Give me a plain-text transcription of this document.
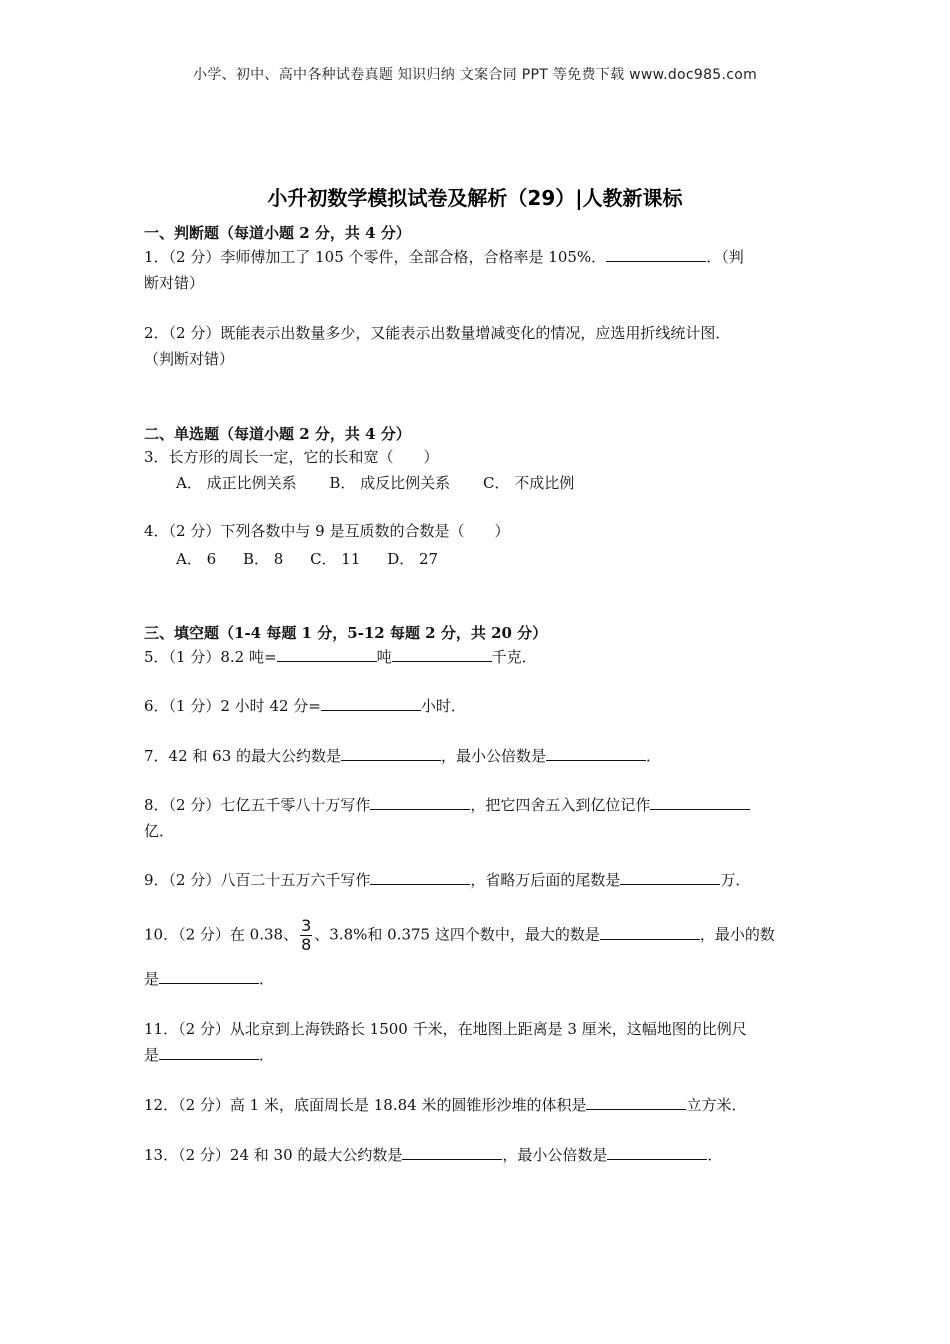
小学、初中、高中各种试卷真题 知识归纳 文案合同 PPT 等免费下载 www.doc985.com
小升初数学模拟试卷及解析（29）|人教新课标
一、判断题（每道小题 2 分，共 4 分）
1．（2 分）李师傅加工了 105 个零件，全部合格，合格率是 105%．	．（判
断对错）
2．（2 分）既能表示出数量多少，又能表示出数量增减变化的情况，应选用折线统计图．
（判断对错）
二、单选题（每道小题 2 分，共 4 分）
3．长方形的周长一定，它的长和宽（　　）
A． 成正比例关系 B． 成反比例关系 C． 不成比例
4．（2 分）下列各数中与 9 是互质数的合数是（　　）
A． 6 B． 8 C． 11 D． 27
三、填空题（1-4 每题 1 分，5-12 每题 2 分，共 20 分）
5．（1 分）8.2 吨=	吨	千克．
6．（1 分）2 小时 42 分=	小时．
7．42 和 63 的最大公约数是	，最小公倍数是	．
8．（2 分）七亿五千零八十万写作	，把它四舍五入到亿位记作
亿．
9．（2 分）八百二十五万六千写作	，省略万后面的尾数是	万．
10．（2 分）在 0.38、 $\frac{3}{8}$ 、3.8%和 0.375 这四个数中，最大的数是	，最小的数
是	．
11．（2 分）从北京到上海铁路长 1500 千米，在地图上距离是 3 厘米，这幅地图的比例尺
是	．
12．（2 分）高 1 米，底面周长是 18.84 米的圆锥形沙堆的体积是	立方米．
13．（2 分）24 和 30 的最大公约数是	，最小公倍数是	．
